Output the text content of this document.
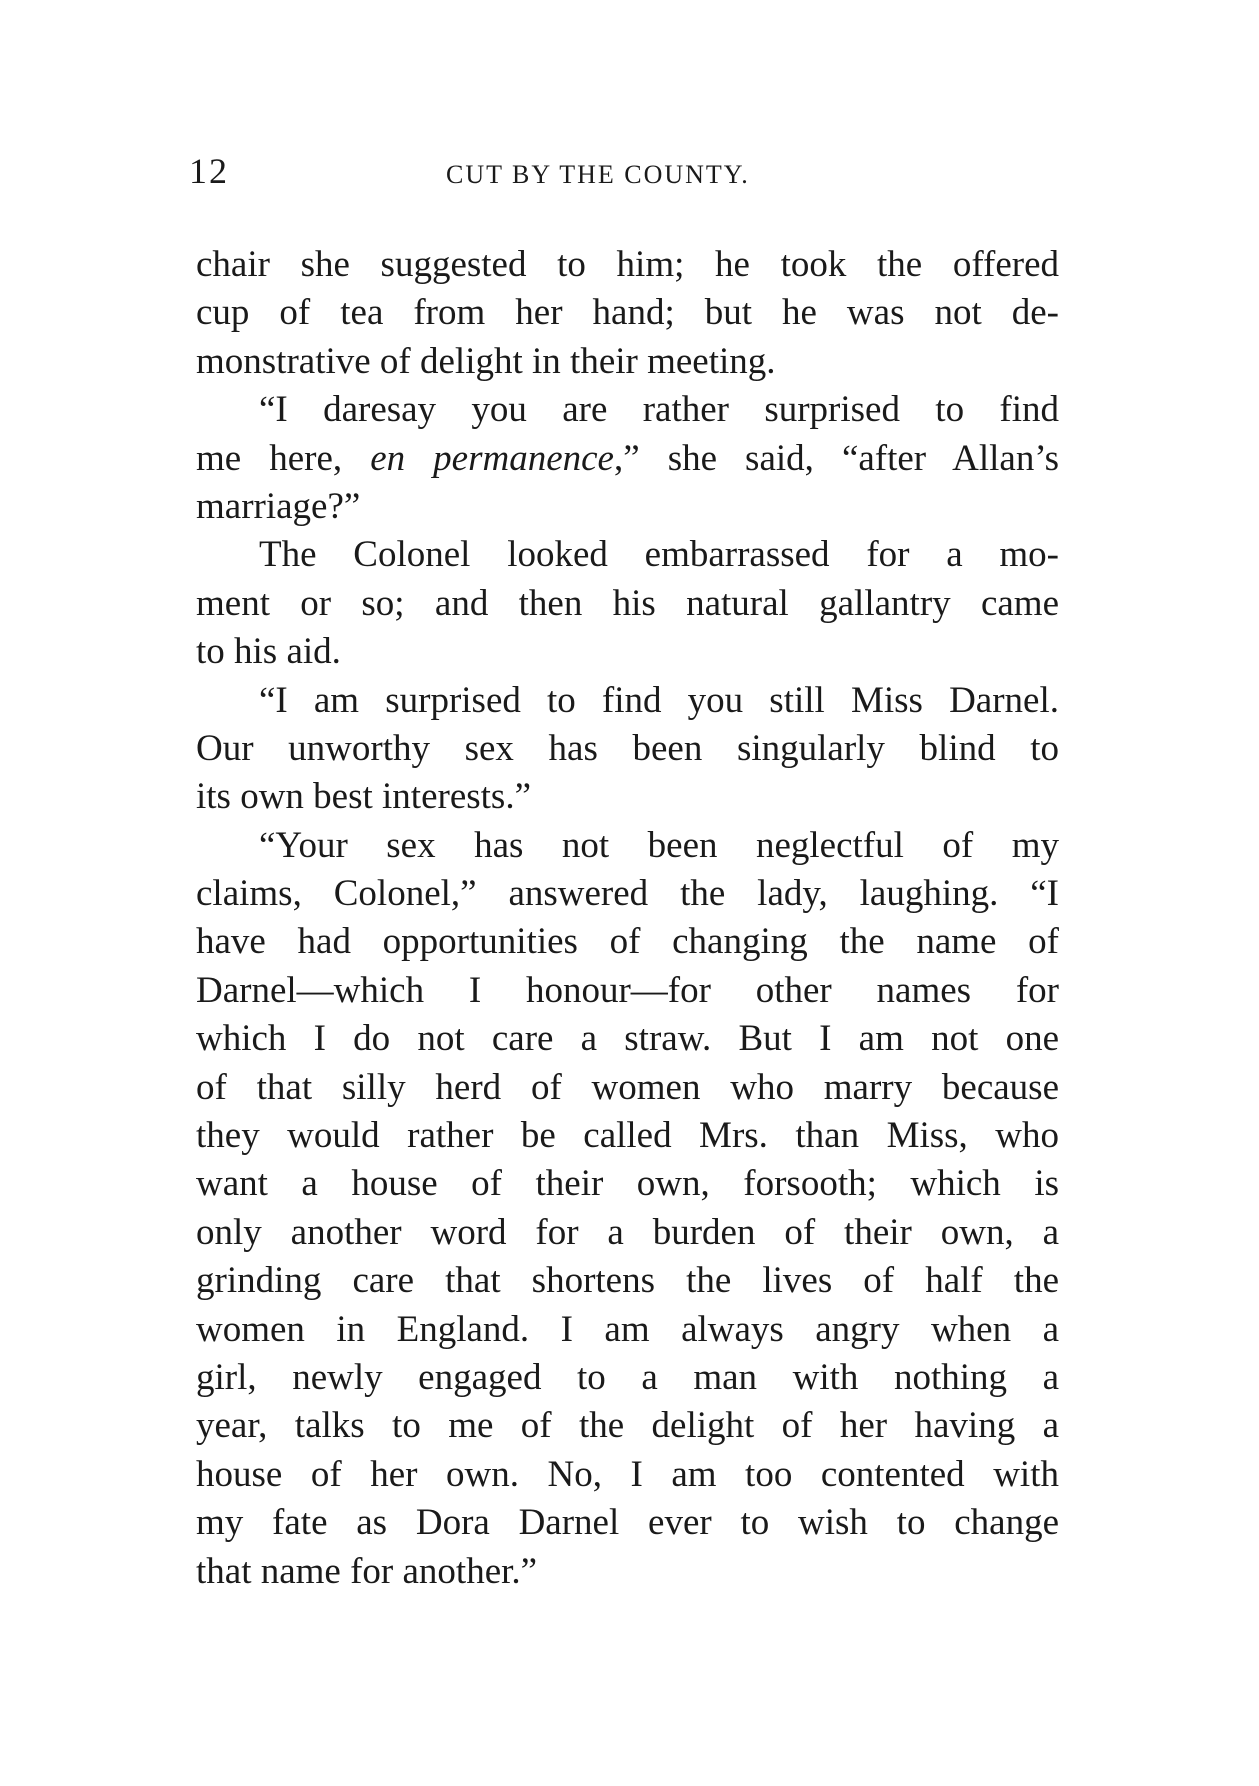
12	CUT BY THE COUNTY.
chair she suggested to him; he took the offered
cup of tea from her hand; but he was not de-
monstrative of delight in their meeting.
“I daresay you are rather surprised to find
me here, en permanence,” she said, “after Allan’s
marriage?”
The Colonel looked embarrassed for a mo-
ment or so; and then his natural gallantry came
to his aid.
“I am surprised to find you still Miss Darnel.
Our unworthy sex has been singularly blind to
its own best interests.”
“Your sex has not been neglectful of my
claims, Colonel,” answered the lady, laughing. “I
have had opportunities of changing the name of
Darnel—which I honour—for other names for
which I do not care a straw. But I am not one
of that silly herd of women who marry because
they would rather be called Mrs. than Miss, who
want a house of their own, forsooth; which is
only another word for a burden of their own, a
grinding care that shortens the lives of half the
women in England. I am always angry when a
girl, newly engaged to a man with nothing a
year, talks to me of the delight of her having a
house of her own. No, I am too contented with
my fate as Dora Darnel ever to wish to change
that name for another.”
